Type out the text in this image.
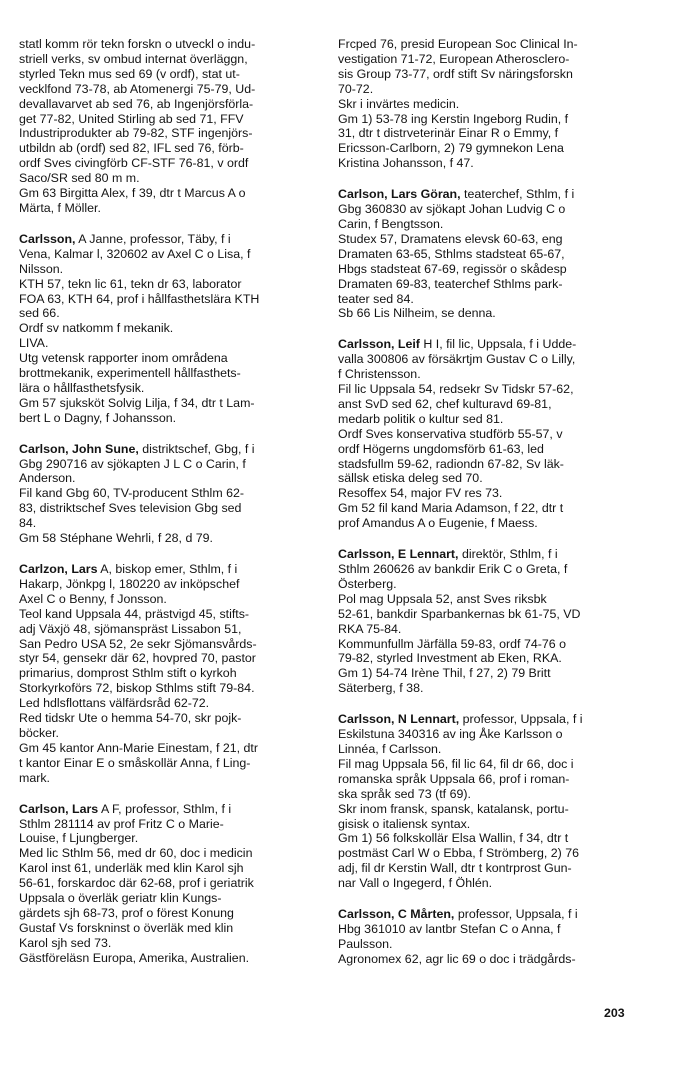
statl komm rör tekn forskn o utveckl o indu-

striell verks, sv ombud internat överläggn,

styrled Tekn mus sed 69 (v ordf), stat ut-

vecklfond 73-78, ab Atomenergi 75-79, Ud-

devallavarvet ab sed 76, ab Ingenjörsförla-

get 77-82, United Stirling ab sed 71, FFV

Industriprodukter ab 79-82, STF ingenjörs-

utbildn ab (ordf) sed 82, IFL sed 76, förb-

ordf Sves civingförb CF-STF 76-81, v ordf

Saco/SR sed 80 m m.

Gm 63 Birgitta Alex, f 39, dtr t Marcus A o

Märta, f Möller.

Carlsson, A Janne, professor, Täby, f i

Vena, Kalmar l, 320602 av Axel C o Lisa, f

Nilsson.

KTH 57, tekn lic 61, tekn dr 63, laborator

FOA 63, KTH 64, prof i hållfasthetslära KTH

sed 66.

Ordf sv natkomm f mekanik.

LIVA.

Utg vetensk rapporter inom områdena

brottmekanik, experimentell hållfasthets-

lära o hållfasthetsfysik.

Gm 57 sjuksköt Solvig Lilja, f 34, dtr t Lam-

bert L o Dagny, f Johansson.

Carlson, John Sune, distriktschef, Gbg, f i

Gbg 290716 av sjökapten J L C o Carin, f

Anderson.

Fil kand Gbg 60, TV-producent Sthlm 62-

83, distriktschef Sves television Gbg sed

84.

Gm 58 Stéphane Wehrli, f 28, d 79.

Carlzon, Lars A, biskop emer, Sthlm, f i

Hakarp, Jönkpg l, 180220 av inköpschef

Axel C o Benny, f Jonsson.

Teol kand Uppsala 44, prästvigd 45, stifts-

adj Växjö 48, sjömanspräst Lissabon 51,

San Pedro USA 52, 2e sekr Sjömansvårds-

styr 54, gensekr där 62, hovpred 70, pastor

primarius, domprost Sthlm stift o kyrkoh

Storkyrkoförs 72, biskop Sthlms stift 79-84.

Led hdlsflottans välfärdsråd 62-72.

Red tidskr Ute o hemma 54-70, skr pojk-

böcker.

Gm 45 kantor Ann-Marie Einestam, f 21, dtr

t kantor Einar E o småskollär Anna, f Ling-

mark.

Carlson, Lars A F, professor, Sthlm, f i

Sthlm 281114 av prof Fritz C o Marie-

Louise, f Ljungberger.

Med lic Sthlm 56, med dr 60, doc i medicin

Karol inst 61, underläk med klin Karol sjh

56-61, forskardoc där 62-68, prof i geriatrik

Uppsala o överläk geriatr klin Kungs-

gärdets sjh 68-73, prof o förest Konung

Gustaf Vs forskninst o överläk med klin

Karol sjh sed 73.

Gästföreläsn Europa, Amerika, Australien.

Frcped 76, presid European Soc Clinical In-

vestigation 71-72, European Atherosclero-

sis Group 73-77, ordf stift Sv näringsforskn

70-72.

Skr i invärtes medicin.

Gm 1) 53-78 ing Kerstin Ingeborg Rudin, f

31, dtr t distrveterinär Einar R o Emmy, f

Ericsson-Carlborn, 2) 79 gymnekon Lena

Kristina Johansson, f 47.

Carlson, Lars Göran, teaterchef, Sthlm, f i

Gbg 360830 av sjökapt Johan Ludvig C o

Carin, f Bengtsson.

Studex 57, Dramatens elevsk 60-63, eng

Dramaten 63-65, Sthlms stadsteat 65-67,

Hbgs stadsteat 67-69, regissör o skådesp

Dramaten 69-83, teaterchef Sthlms park-

teater sed 84.

Sb 66 Lis Nilheim, se denna.

Carlsson, Leif H I, fil lic, Uppsala, f i Udde-

valla 300806 av försäkrtjm Gustav C o Lilly,

f Christensson.

Fil lic Uppsala 54, redsekr Sv Tidskr 57-62,

anst SvD sed 62, chef kulturavd 69-81,

medarb politik o kultur sed 81.

Ordf Sves konservativa studförb 55-57, v

ordf Högerns ungdomsförb 61-63, led

stadsfullm 59-62, radiondn 67-82, Sv läk-

sällsk etiska deleg sed 70.

Resoffex 54, major FV res 73.

Gm 52 fil kand Maria Adamson, f 22, dtr t

prof Amandus A o Eugenie, f Maess.

Carlsson, E Lennart, direktör, Sthlm, f i

Sthlm 260626 av bankdir Erik C o Greta, f

Österberg.

Pol mag Uppsala 52, anst Sves riksbk

52-61, bankdir Sparbankernas bk 61-75, VD

RKA 75-84.

Kommunfullm Järfälla 59-83, ordf 74-76 o

79-82, styrled Investment ab Eken, RKA.

Gm 1) 54-74 Irène Thil, f 27, 2) 79 Britt

Säterberg, f 38.

Carlsson, N Lennart, professor, Uppsala, f i

Eskilstuna 340316 av ing Åke Karlsson o

Linnéa, f Carlsson.

Fil mag Uppsala 56, fil lic 64, fil dr 66, doc i

romanska språk Uppsala 66, prof i roman-

ska språk sed 73 (tf 69).

Skr inom fransk, spansk, katalansk, portu-

gisisk o italiensk syntax.

Gm 1) 56 folkskollär Elsa Wallin, f 34, dtr t

postmäst Carl W o Ebba, f Strömberg, 2) 76

adj, fil dr Kerstin Wall, dtr t kontrprost Gun-

nar Vall o Ingegerd, f Öhlén.

Carlsson, C Mårten, professor, Uppsala, f i

Hbg 361010 av lantbr Stefan C o Anna, f

Paulsson.

Agronomex 62, agr lic 69 o doc i trädgårds-

203
